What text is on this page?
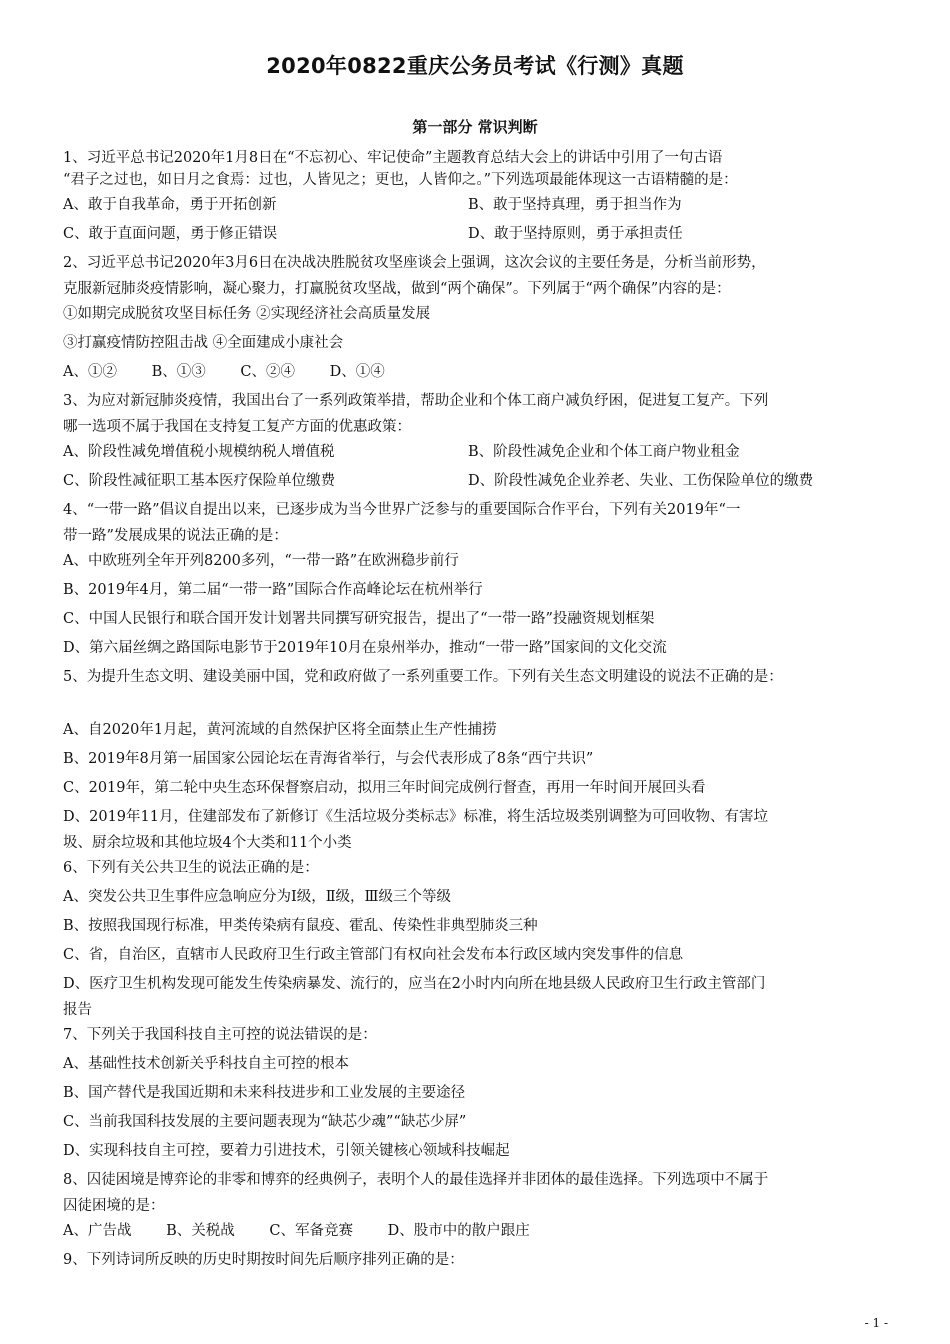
2020年0822重庆公务员考试《行测》真题
第一部分 常识判断
1、习近平总书记2020年1月8日在“不忘初心、牢记使命”主题教育总结大会上的讲话中引用了一句古语
“君子之过也，如日月之食焉：过也，人皆见之；更也，人皆仰之。”下列选项最能体现这一古语精髓的是：
A、敢于自我革命，勇于开拓创新	B、敢于坚持真理，勇于担当作为
C、敢于直面问题，勇于修正错误	D、敢于坚持原则，勇于承担责任
2、习近平总书记2020年3月6日在决战决胜脱贫攻坚座谈会上强调，这次会议的主要任务是，分析当前形势，
克服新冠肺炎疫情影响，凝心聚力，打赢脱贫攻坚战，做到“两个确保”。下列属于“两个确保”内容的是：
①如期完成脱贫攻坚目标任务 ②实现经济社会高质量发展
③打赢疫情防控阻击战 ④全面建成小康社会
A、①② B、①③ C、②④ D、①④
3、为应对新冠肺炎疫情，我国出台了一系列政策举措，帮助企业和个体工商户减负纾困，促进复工复产。下列
哪一选项不属于我国在支持复工复产方面的优惠政策：
A、阶段性减免增值税小规模纳税人增值税	B、阶段性减免企业和个体工商户物业租金
C、阶段性减征职工基本医疗保险单位缴费	D、阶段性减免企业养老、失业、工伤保险单位的缴费
4、“一带一路”倡议自提出以来，已逐步成为当今世界广泛参与的重要国际合作平台，下列有关2019年“一
带一路”发展成果的说法正确的是：
A、中欧班列全年开列8200多列，“一带一路”在欧洲稳步前行
B、2019年4月，第二届“一带一路”国际合作高峰论坛在杭州举行
C、中国人民银行和联合国开发计划署共同撰写研究报告，提出了“一带一路”投融资规划框架
D、第六届丝绸之路国际电影节于2019年10月在泉州举办，推动“一带一路”国家间的文化交流
5、为提升生态文明、建设美丽中国，党和政府做了一系列重要工作。下列有关生态文明建设的说法不正确的是：
A、自2020年1月起，黄河流域的自然保护区将全面禁止生产性捕捞
B、2019年8月第一届国家公园论坛在青海省举行，与会代表形成了8条“西宁共识”
C、2019年，第二轮中央生态环保督察启动，拟用三年时间完成例行督查，再用一年时间开展回头看
D、2019年11月，住建部发布了新修订《生活垃圾分类标志》标准，将生活垃圾类别调整为可回收物、有害垃
圾、厨余垃圾和其他垃圾4个大类和11个小类
6、下列有关公共卫生的说法正确的是：
A、突发公共卫生事件应急响应分为Ⅰ级，Ⅱ级，Ⅲ级三个等级
B、按照我国现行标准，甲类传染病有鼠疫、霍乱、传染性非典型肺炎三种
C、省，自治区，直辖市人民政府卫生行政主管部门有权向社会发布本行政区域内突发事件的信息
D、医疗卫生机构发现可能发生传染病暴发、流行的，应当在2小时内向所在地县级人民政府卫生行政主管部门
报告
7、下列关于我国科技自主可控的说法错误的是：
A、基础性技术创新关乎科技自主可控的根本
B、国产替代是我国近期和未来科技进步和工业发展的主要途径
C、当前我国科技发展的主要问题表现为“缺芯少魂”“缺芯少屏”
D、实现科技自主可控，要着力引进技术，引领关键核心领域科技崛起
8、囚徒困境是博弈论的非零和博弈的经典例子，表明个人的最佳选择并非团体的最佳选择。下列选项中不属于
囚徒困境的是：
A、广告战 B、关税战 C、军备竞赛 D、股市中的散户跟庄
9、下列诗词所反映的历史时期按时间先后顺序排列正确的是：
- 1 -
